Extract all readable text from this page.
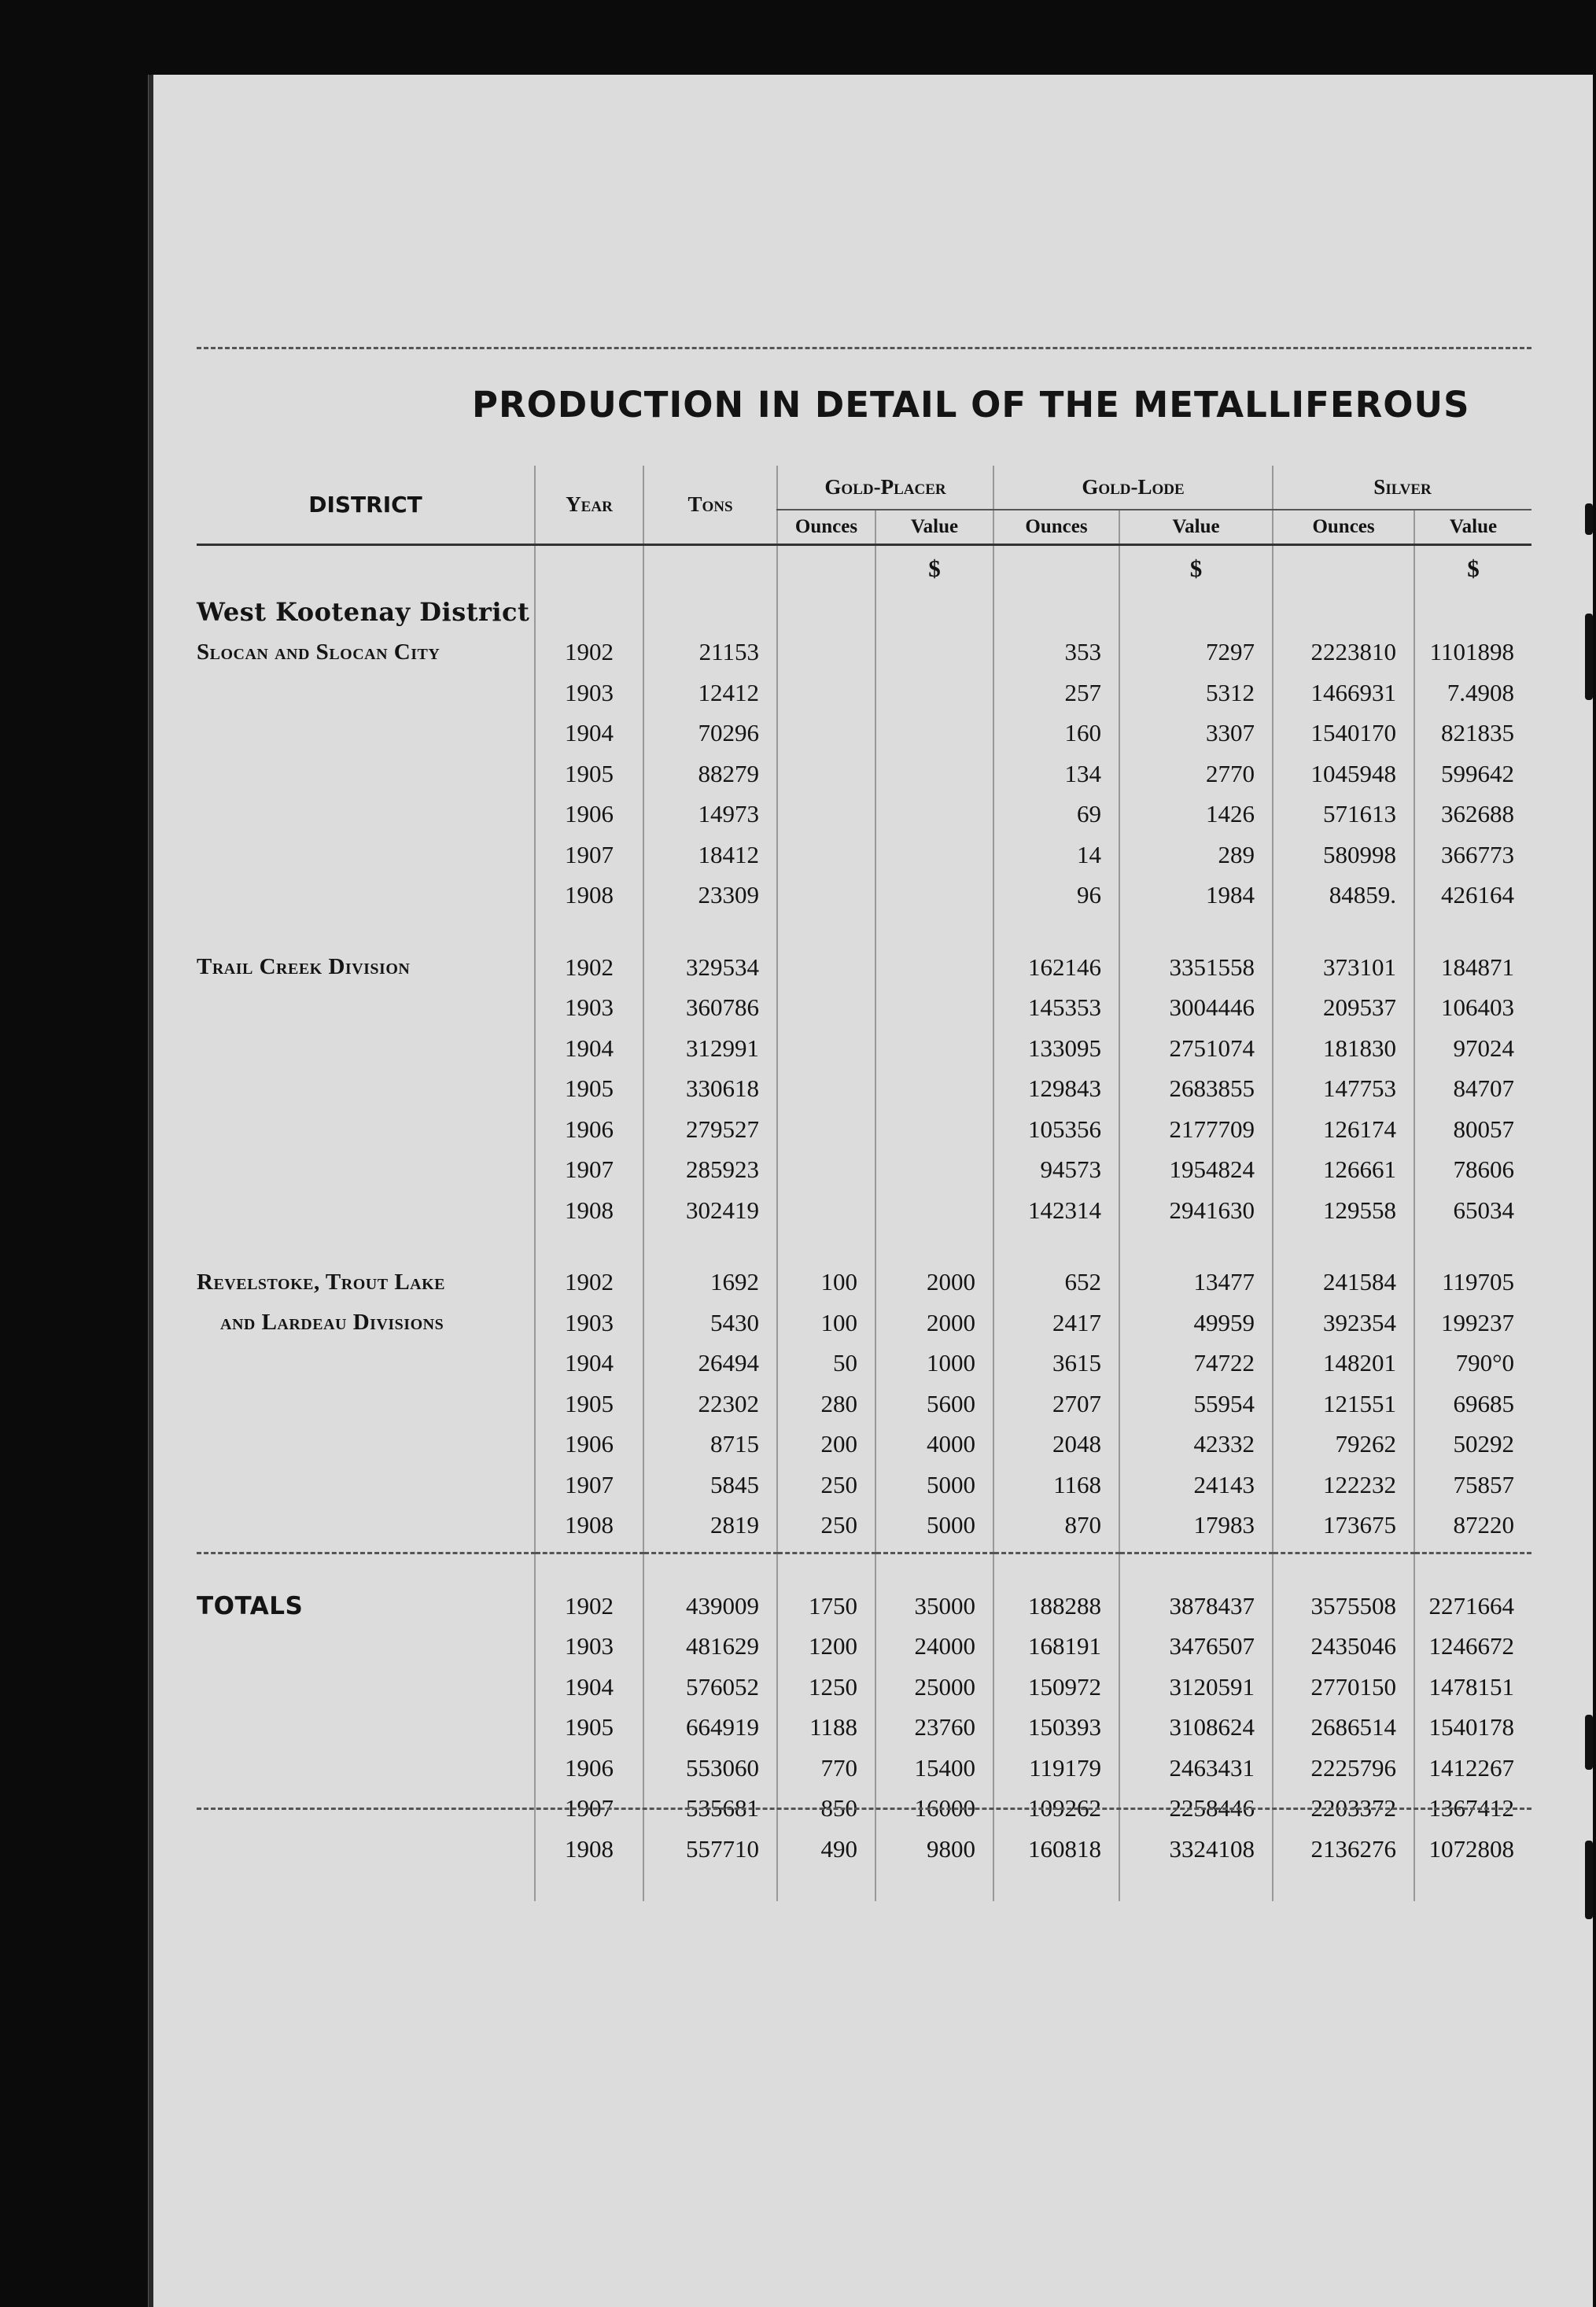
PRODUCTION IN DETAIL OF THE METALLIFEROUS
DISTRICT	Year	Tons	Gold-Placer		Gold-Lode		Silver	
			Ounces	Value	Ounces	Value	Ounces	Value
				$		$		$
West Kootenay District								
Slocan and Slocan City	1902	21153			353	7297	2223810	1101898
	1903	12412			257	5312	1466931	7.4908
	1904	70296			160	3307	1540170	821835
	1905	88279			134	2770	1045948	599642
	1906	14973			69	1426	571613	362688
	1907	18412			14	289	580998	366773
	1908	23309			96	1984	84859.	426164

Trail Creek Division	1902	329534			162146	3351558	373101	184871
	1903	360786			145353	3004446	209537	106403
	1904	312991			133095	2751074	181830	97024
	1905	330618			129843	2683855	147753	84707
	1906	279527			105356	2177709	126174	80057
	1907	285923			94573	1954824	126661	78606
	1908	302419			142314	2941630	129558	65034

Revelstoke, Trout Lake	1902	1692	100	2000	652	13477	241584	119705
and Lardeau Divisions	1903	5430	100	2000	2417	49959	392354	199237
	1904	26494	50	1000	3615	74722	148201	790°0
	1905	22302	280	5600	2707	55954	121551	69685
	1906	8715	200	4000	2048	42332	79262	50292
	1907	5845	250	5000	1168	24143	122232	75857
	1908	2819	250	5000	870	17983	173675	87220

TOTALS	1902	439009	1750	35000	188288	3878437	3575508	2271664
	1903	481629	1200	24000	168191	3476507	2435046	1246672
	1904	576052	1250	25000	150972	3120591	2770150	1478151
	1905	664919	1188	23760	150393	3108624	2686514	1540178
	1906	553060	770	15400	119179	2463431	2225796	1412267
	1907	535681	850	16000	109262	2258446	2203372	1367412
	1908	557710	490	9800	160818	3324108	2136276	1072808
